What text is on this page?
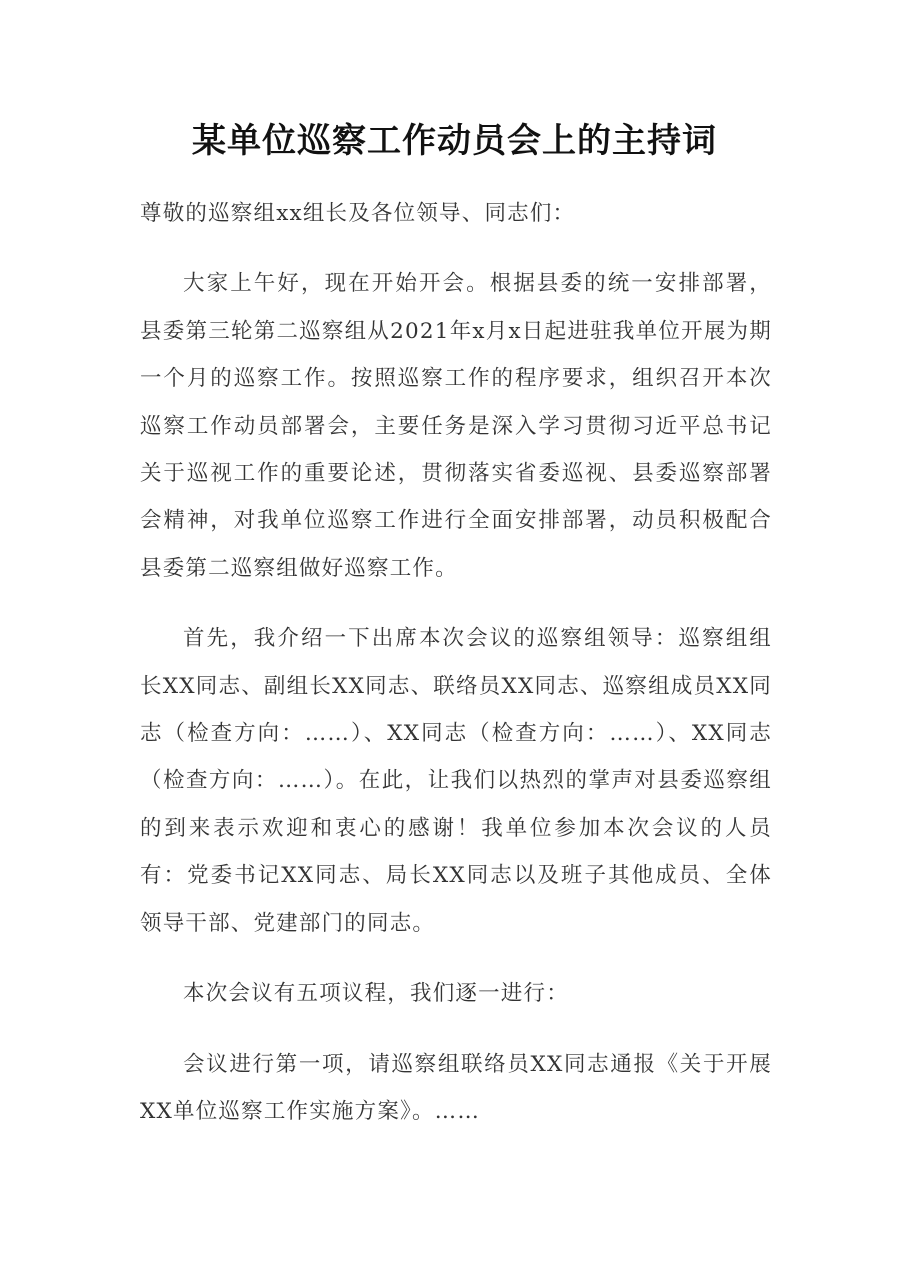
某单位巡察工作动员会上的主持词

尊敬的巡察组xx组长及各位领导、同志们：

大家上午好，现在开始开会。根据县委的统一安排部署，县委第三轮第二巡察组从2021年x月x日起进驻我单位开展为期一个月的巡察工作。按照巡察工作的程序要求，组织召开本次巡察工作动员部署会，主要任务是深入学习贯彻习近平总书记关于巡视工作的重要论述，贯彻落实省委巡视、县委巡察部署会精神，对我单位巡察工作进行全面安排部署，动员积极配合县委第二巡察组做好巡察工作。

首先，我介绍一下出席本次会议的巡察组领导：巡察组组长XX同志、副组长XX同志、联络员XX同志、巡察组成员XX同志（检查方向：……）、XX同志（检查方向：……）、XX同志（检查方向：……）。在此，让我们以热烈的掌声对县委巡察组的到来表示欢迎和衷心的感谢！我单位参加本次会议的人员有：党委书记XX同志、局长XX同志以及班子其他成员、全体领导干部、党建部门的同志。

本次会议有五项议程，我们逐一进行：

会议进行第一项，请巡察组联络员XX同志通报《关于开展XX单位巡察工作实施方案》。……
